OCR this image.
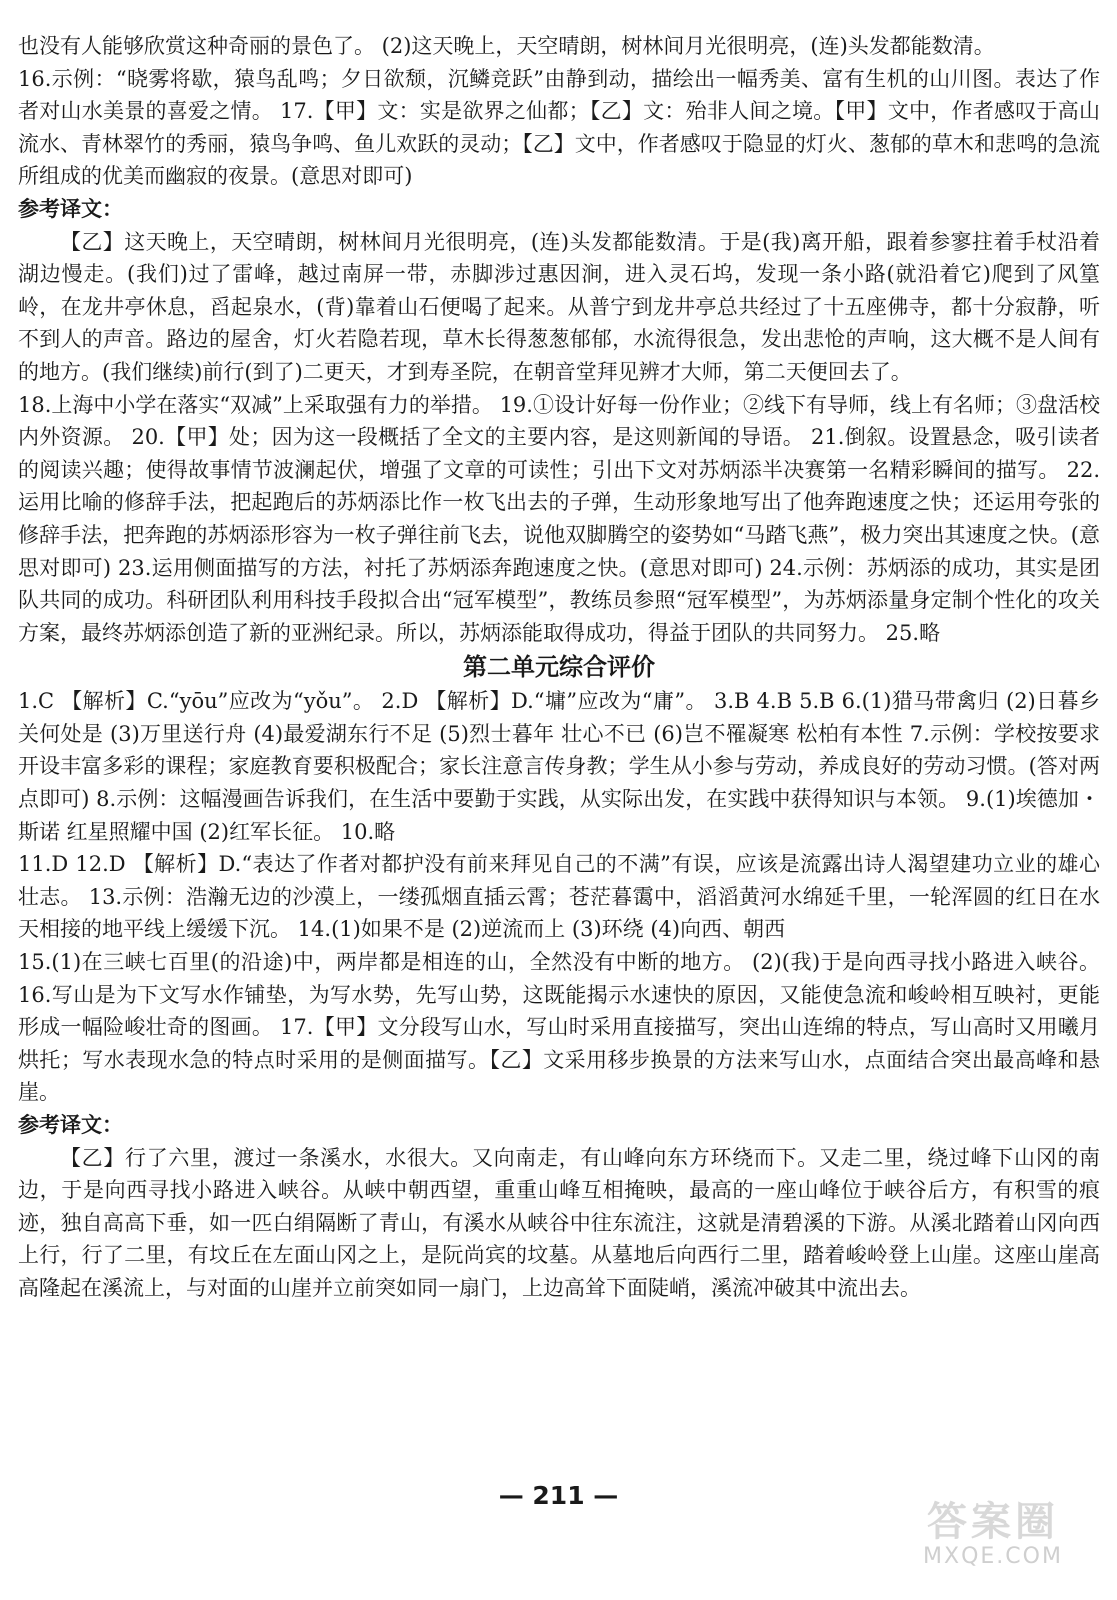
也没有人能够欣赏这种奇丽的景色了。 (2)这天晚上，天空晴朗，树林间月光很明亮，(连)头发都能数清。

16.示例：“晓雾将歇，猿鸟乱鸣；夕日欲颓，沉鳞竞跃”由静到动，描绘出一幅秀美、富有生机的山川图。表达了作者对山水美景的喜爱之情。 17.【甲】文：实是欲界之仙都；【乙】文：殆非人间之境。【甲】文中，作者感叹于高山流水、青林翠竹的秀丽，猿鸟争鸣、鱼儿欢跃的灵动；【乙】文中，作者感叹于隐显的灯火、葱郁的草木和悲鸣的急流所组成的优美而幽寂的夜景。(意思对即可)

参考译文：

【乙】这天晚上，天空晴朗，树林间月光很明亮，(连)头发都能数清。于是(我)离开船，跟着参寥拄着手杖沿着湖边慢走。(我们)过了雷峰，越过南屏一带，赤脚涉过惠因涧，进入灵石坞，发现一条小路(就沿着它)爬到了风篁岭，在龙井亭休息，舀起泉水，(背)靠着山石便喝了起来。从普宁到龙井亭总共经过了十五座佛寺，都十分寂静，听不到人的声音。路边的屋舍，灯火若隐若现，草木长得葱葱郁郁，水流得很急，发出悲怆的声响，这大概不是人间有的地方。(我们继续)前行(到了)二更天，才到寿圣院，在朝音堂拜见辨才大师，第二天便回去了。

18.上海中小学在落实“双减”上采取强有力的举措。 19.①设计好每一份作业；②线下有导师，线上有名师；③盘活校内外资源。 20.【甲】处；因为这一段概括了全文的主要内容，是这则新闻的导语。 21.倒叙。设置悬念，吸引读者的阅读兴趣；使得故事情节波澜起伏，增强了文章的可读性；引出下文对苏炳添半决赛第一名精彩瞬间的描写。 22.运用比喻的修辞手法，把起跑后的苏炳添比作一枚飞出去的子弹，生动形象地写出了他奔跑速度之快；还运用夸张的修辞手法，把奔跑的苏炳添形容为一枚子弹往前飞去，说他双脚腾空的姿势如“马踏飞燕”，极力突出其速度之快。(意思对即可) 23.运用侧面描写的方法，衬托了苏炳添奔跑速度之快。(意思对即可) 24.示例：苏炳添的成功，其实是团队共同的成功。科研团队利用科技手段拟合出“冠军模型”，教练员参照“冠军模型”，为苏炳添量身定制个性化的攻关方案，最终苏炳添创造了新的亚洲纪录。所以，苏炳添能取得成功，得益于团队的共同努力。 25.略

第二单元综合评价

1.C 【解析】C.“yōu”应改为“yǒu”。 2.D 【解析】D.“墉”应改为“庸”。 3.B 4.B 5.B 6.(1)猎马带禽归 (2)日暮乡关何处是 (3)万里送行舟 (4)最爱湖东行不足 (5)烈士暮年 壮心不已 (6)岂不罹凝寒 松柏有本性 7.示例：学校按要求开设丰富多彩的课程；家庭教育要积极配合；家长注意言传身教；学生从小参与劳动，养成良好的劳动习惯。(答对两点即可) 8.示例：这幅漫画告诉我们，在生活中要勤于实践，从实际出发，在实践中获得知识与本领。 9.(1)埃德加・斯诺 红星照耀中国 (2)红军长征。 10.略

11.D 12.D 【解析】D.“表达了作者对都护没有前来拜见自己的不满”有误，应该是流露出诗人渴望建功立业的雄心壮志。 13.示例：浩瀚无边的沙漠上，一缕孤烟直插云霄；苍茫暮霭中，滔滔黄河水绵延千里，一轮浑圆的红日在水天相接的地平线上缓缓下沉。 14.(1)如果不是 (2)逆流而上 (3)环绕 (4)向西、朝西

15.(1)在三峡七百里(的沿途)中，两岸都是相连的山，全然没有中断的地方。 (2)(我)于是向西寻找小路进入峡谷。 16.写山是为下文写水作铺垫，为写水势，先写山势，这既能揭示水速快的原因，又能使急流和峻岭相互映衬，更能形成一幅险峻壮奇的图画。 17.【甲】文分段写山水，写山时采用直接描写，突出山连绵的特点，写山高时又用曦月烘托；写水表现水急的特点时采用的是侧面描写。【乙】文采用移步换景的方法来写山水，点面结合突出最高峰和悬崖。

参考译文：

【乙】行了六里，渡过一条溪水，水很大。又向南走，有山峰向东方环绕而下。又走二里，绕过峰下山冈的南边，于是向西寻找小路进入峡谷。从峡中朝西望，重重山峰互相掩映，最高的一座山峰位于峡谷后方，有积雪的痕迹，独自高高下垂，如一匹白绢隔断了青山，有溪水从峡谷中往东流注，这就是清碧溪的下游。从溪北踏着山冈向西上行，行了二里，有坟丘在左面山冈之上，是阮尚宾的坟墓。从墓地后向西行二里，踏着峻岭登上山崖。这座山崖高高隆起在溪流上，与对面的山崖并立前突如同一扇门，上边高耸下面陡峭，溪流冲破其中流出去。

— 211 —
答案圈
MXQE.COM
